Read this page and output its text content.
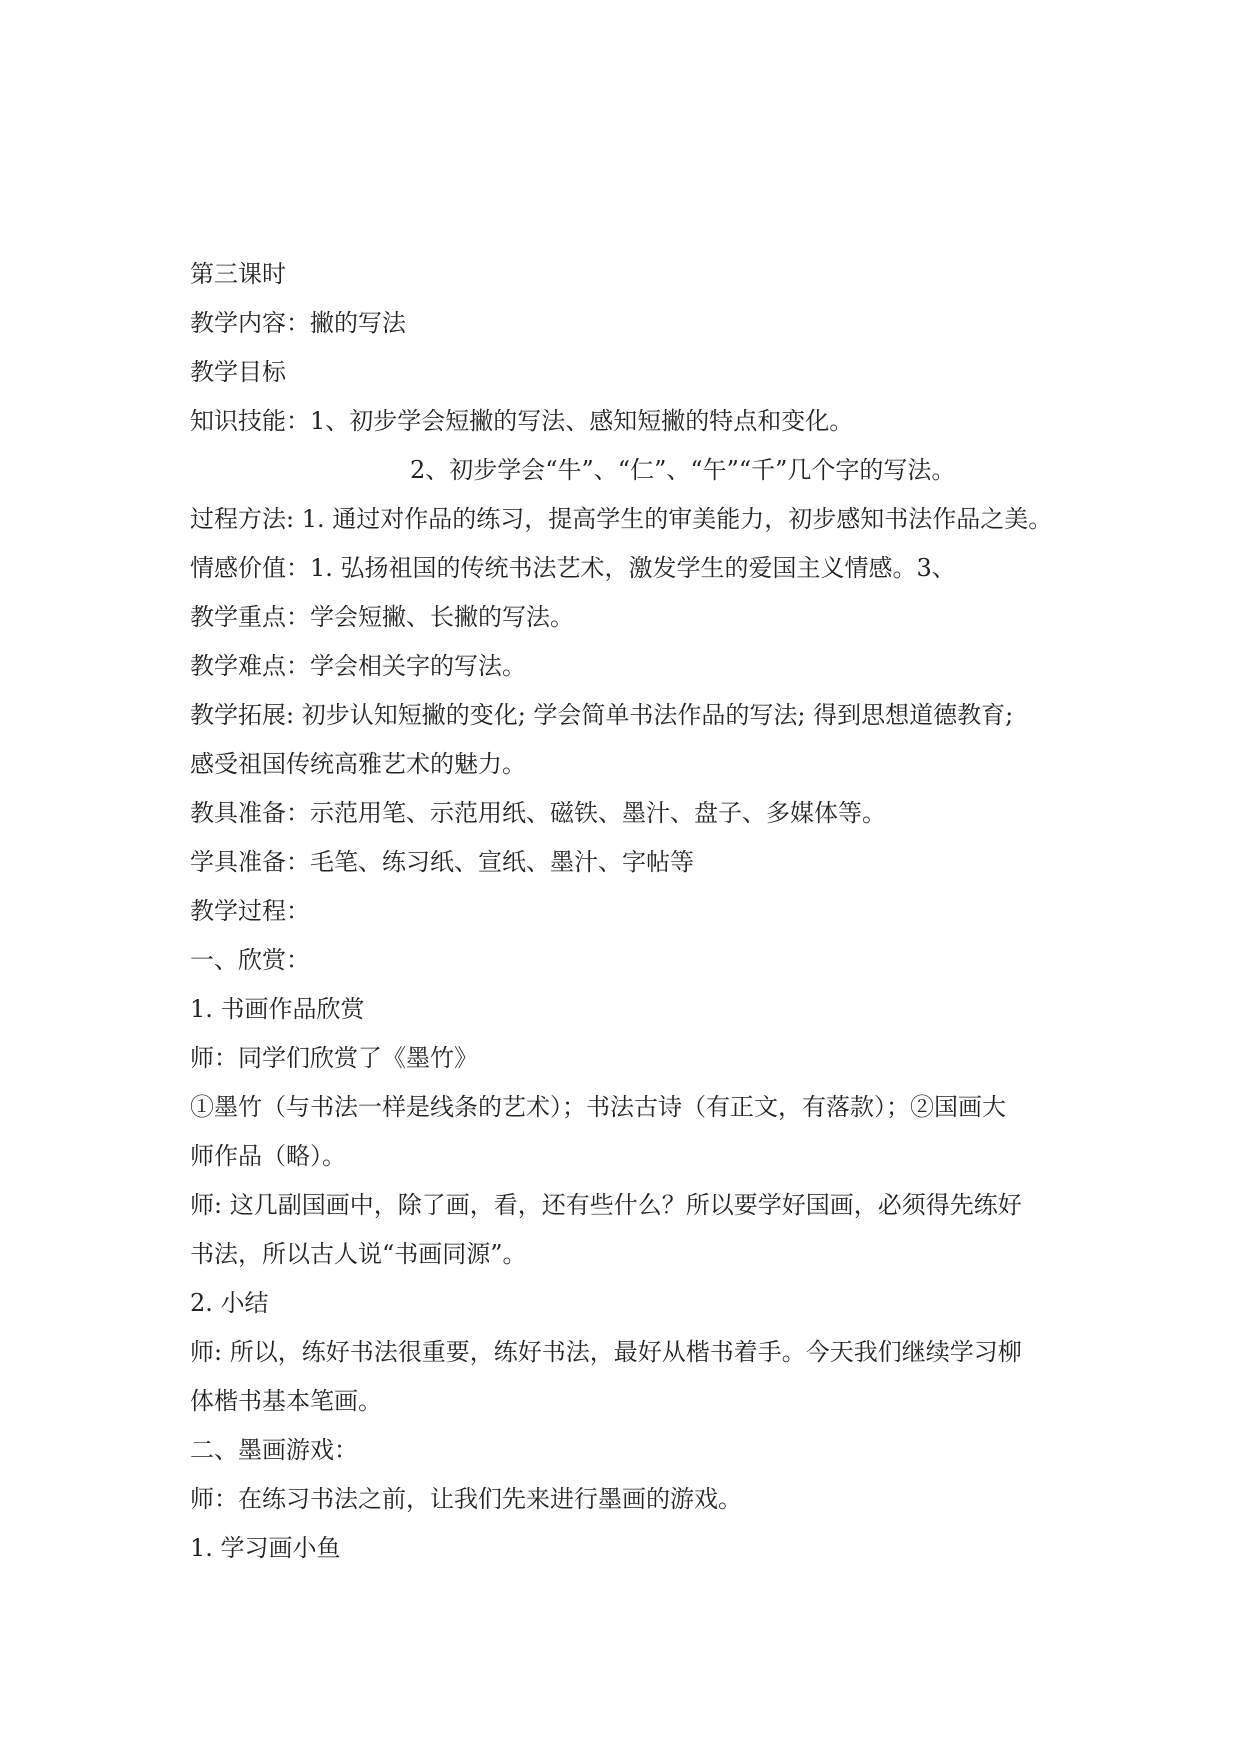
第三课时
教学内容：撇的写法
教学目标
知识技能：1、初步学会短撇的写法、感知短撇的特点和变化。
2、初步学会“牛”、“仁”、“午”“千”几个字的写法。
过程方法: 1. 通过对作品的练习，提高学生的审美能力，初步感知书法作品之美。
情感价值：1. 弘扬祖国的传统书法艺术，激发学生的爱国主义情感。3、
教学重点：学会短撇、长撇的写法。
教学难点：学会相关字的写法。
教学拓展: 初步认知短撇的变化; 学会简单书法作品的写法; 得到思想道德教育;
感受祖国传统高雅艺术的魅力。
教具准备：示范用笔、示范用纸、磁铁、墨汁、盘子、多媒体等。
学具准备：毛笔、练习纸、宣纸、墨汁、字帖等
教学过程：
一、欣赏：
1. 书画作品欣赏
师：同学们欣赏了《墨竹》
①墨竹（与书法一样是线条的艺术）；书法古诗（有正文，有落款）；②国画大
师作品（略）。
师: 这几副国画中，除了画，看，还有些什么？所以要学好国画，必须得先练好
书法，所以古人说“书画同源”。
2. 小结
师: 所以，练好书法很重要，练好书法，最好从楷书着手。今天我们继续学习柳
体楷书基本笔画。
二、墨画游戏：
师：在练习书法之前，让我们先来进行墨画的游戏。
1. 学习画小鱼
